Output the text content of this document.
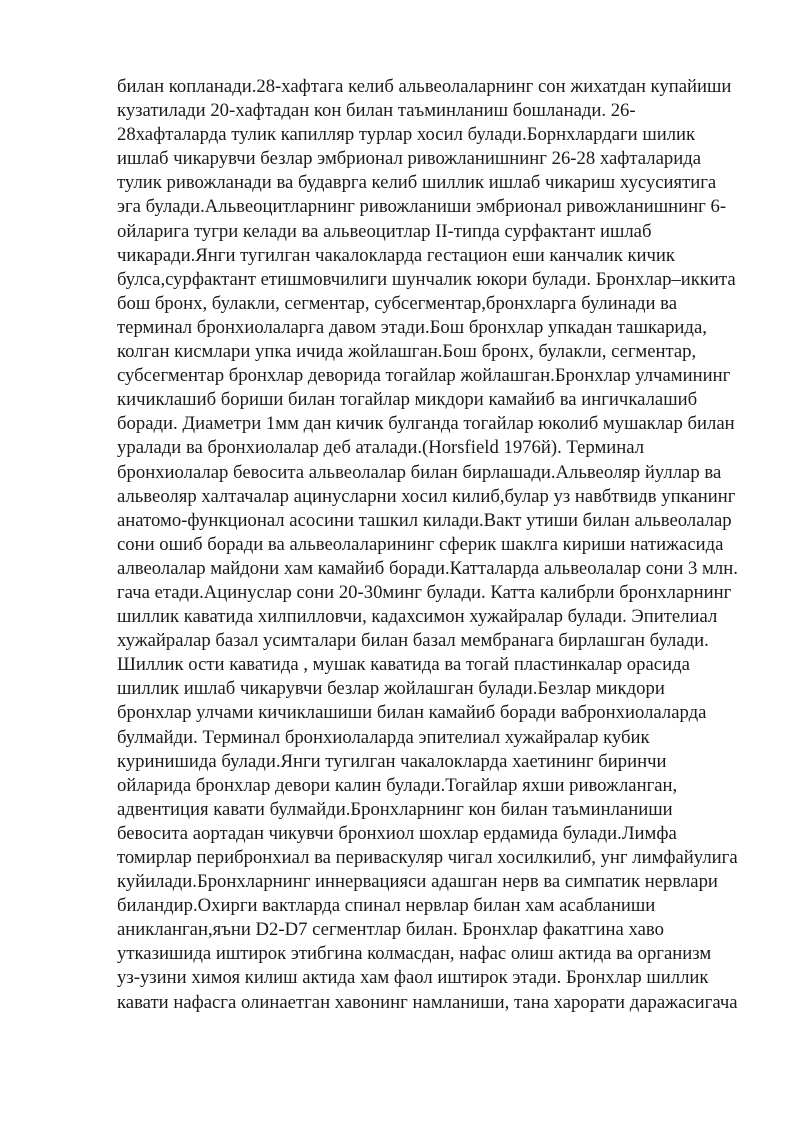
билан копланади.28-хафтага келиб альвеолаларнинг сон жихатдан купайиши
кузатилади 20-хафтадан кон билан таъминланиш бошланади. 26-
28хафталарда тулик капилляр турлар хосил булади.Борнхлардаги шилик
ишлаб чикарувчи безлар эмбрионал ривожланишнинг 26-28 хафталарида
тулик ривожланади ва будаврга келиб шиллик ишлаб чикариш хусусиятига
эга булади.Альвеоцитларнинг ривожланиши эмбрионал ривожланишнинг 6-
ойларига тугри келади ва альвеоцитлар II-типда сурфактант ишлаб
чикаради.Янги тугилган чакалокларда гестацион еши канчалик кичик
булса,сурфактант етишмовчилиги шунчалик юкори булади. Бронхлар–иккита
бош бронх, булакли, сегментар, субсегментар,бронхларга булинади ва
терминал бронхиолаларга давом этади.Бош бронхлар упкадан ташкарида,
колган кисмлари упка ичида жойлашган.Бош бронх, булакли, сегментар,
субсегментар бронхлар деворида тогайлар жойлашган.Бронхлар улчамининг
кичиклашиб бориши билан тогайлар микдори камайиб ва ингичкалашиб
боради. Диаметри 1мм дан кичик булганда тогайлар юколиб мушаклар билан
уралади ва бронхиолалар деб аталади.(Horsfield 1976й). Терминал
бронхиолалар бевосита альвеолалар билан бирлашади.Альвеоляр йуллар ва
альвеоляр халтачалар ацинусларни хосил килиб,булар уз навбтвидв упканинг
анатомо-функционал асосини ташкил килади.Вакт утиши билан альвеолалар
сони ошиб боради ва альвеолаларининг сферик шаклга кириши натижасида
алвеолалар майдони хам камайиб боради.Катталарда альвеолалар сони 3 млн.
гача етади.Ацинуслар сони 20-30минг булади. Катта калибрли бронхларнинг
шиллик каватида хилпилловчи, кадахсимон хужайралар булади. Эпителиал
хужайралар базал усимталари билан базал мембранага бирлашган булади.
Шиллик ости каватида , мушак каватида ва тогай пластинкалар орасида
шиллик ишлаб чикарувчи безлар жойлашган булади.Безлар микдори
бронхлар улчами кичиклашиши билан камайиб боради вабронхиолаларда
булмайди. Терминал бронхиолаларда эпителиал хужайралар кубик
куринишида булади.Янги тугилган чакалокларда хаетининг биринчи
ойларида бронхлар девори калин булади.Тогайлар яхши ривожланган,
адвентиция кавати булмайди.Бронхларнинг кон билан таъминланиши
бевосита аортадан чикувчи бронхиол шохлар ердамида булади.Лимфа
томирлар перибронхиал ва периваскуляр чигал хосилкилиб, унг лимфайулига
куйилади.Бронхларнинг иннервацияси адашган нерв ва симпатик нервлари
биландир.Охирги вактларда спинал нервлар билан хам асабланиши
аникланган,яъни D2-D7 сегментлар билан. Бронхлар факатгина хаво
утказишида иштирок этибгина колмасдан, нафас олиш актида ва организм
уз-узини химоя килиш актида хам фаол иштирок этади. Бронхлар шиллик
кавати нафасга олинаетган хавонинг намланиши, тана харорати даражасигача
